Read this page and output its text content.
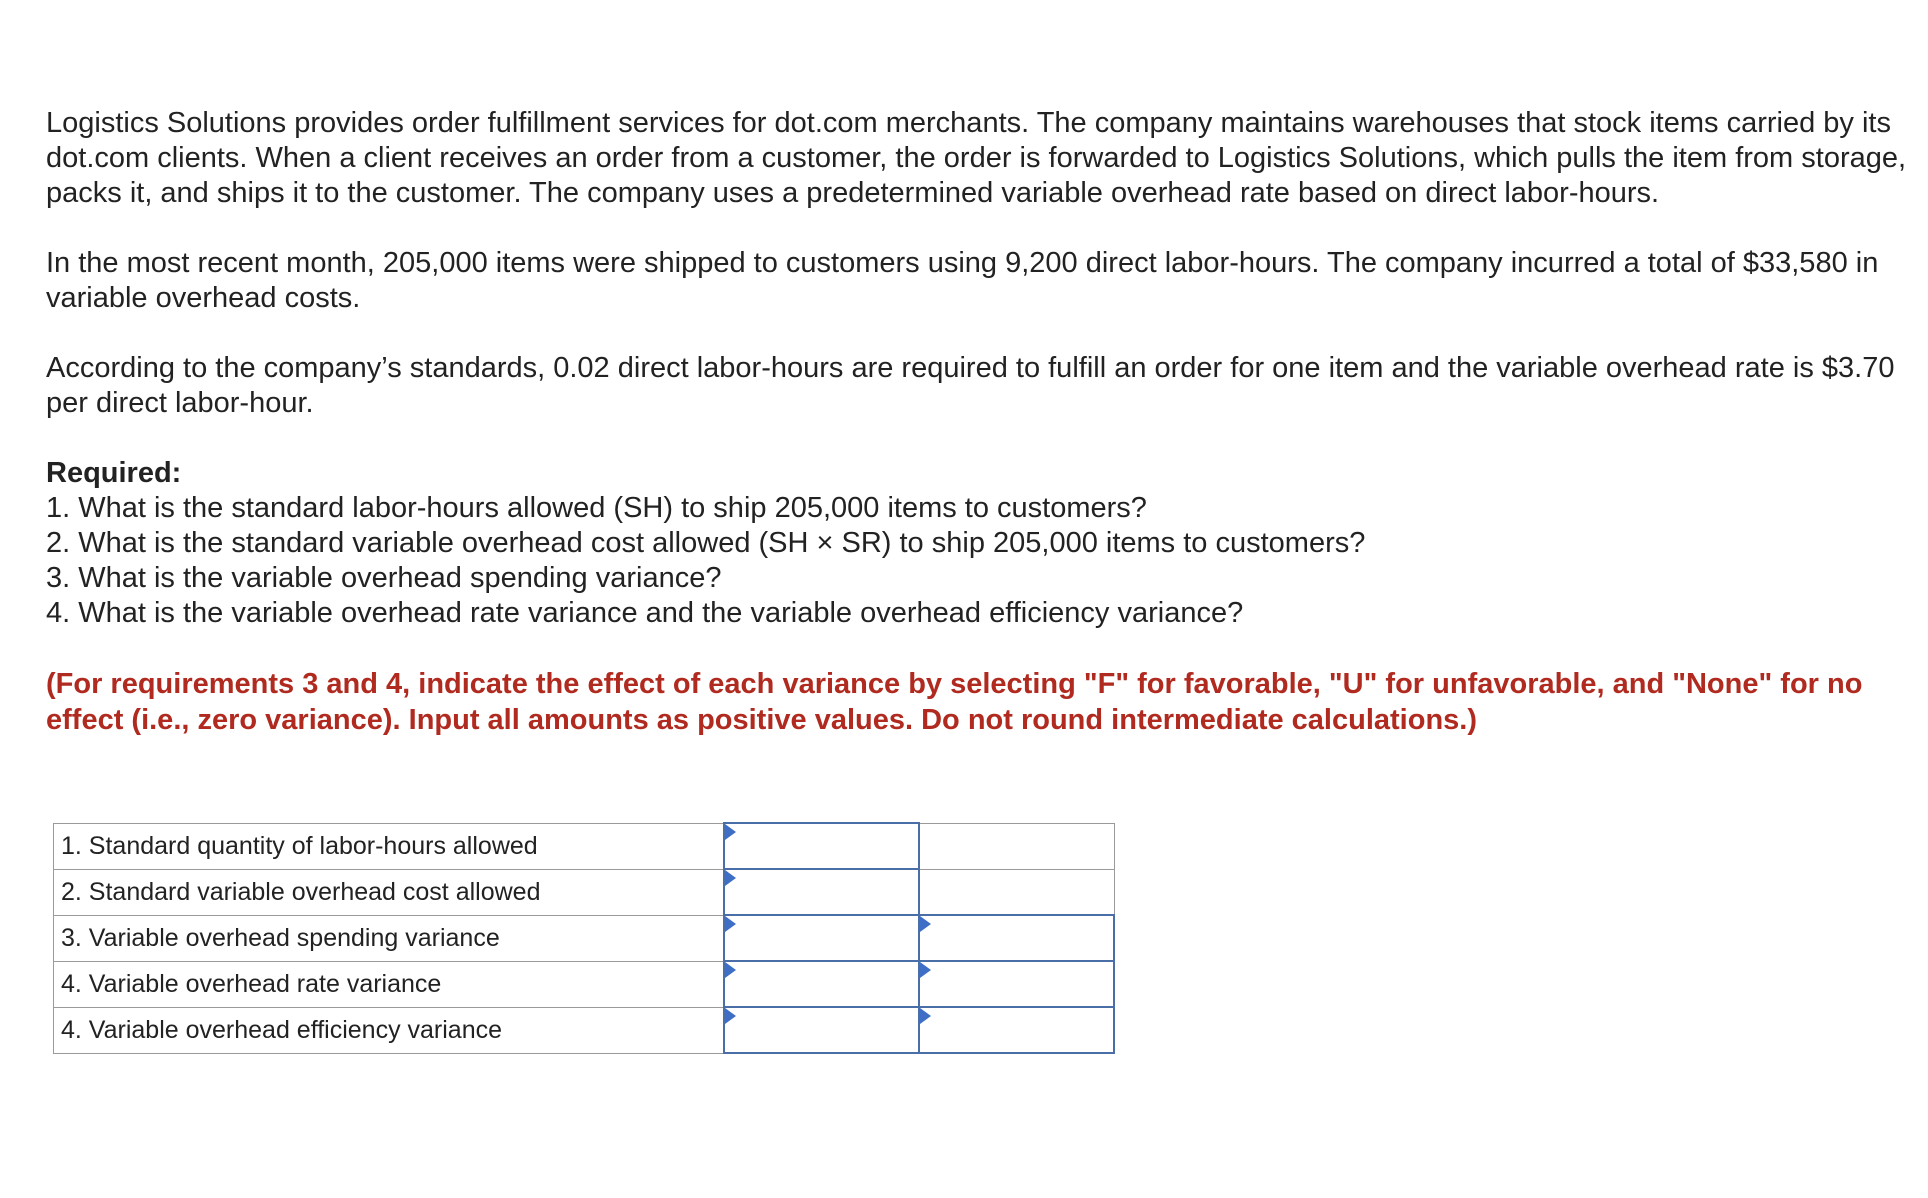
Logistics Solutions provides order fulfillment services for dot.com merchants. The company maintains warehouses that stock items carried by its dot.com clients. When a client receives an order from a customer, the order is forwarded to Logistics Solutions, which pulls the item from storage, packs it, and ships it to the customer. The company uses a predetermined variable overhead rate based on direct labor-hours.

In the most recent month, 205,000 items were shipped to customers using 9,200 direct labor-hours. The company incurred a total of $33,580 in variable overhead costs.

According to the company’s standards, 0.02 direct labor-hours are required to fulfill an order for one item and the variable overhead rate is $3.70 per direct labor-hour.

Required:

1. What is the standard labor-hours allowed (SH) to ship 205,000 items to customers?
2. What is the standard variable overhead cost allowed (SH × SR) to ship 205,000 items to customers?
3. What is the variable overhead spending variance?
4. What is the variable overhead rate variance and the variable overhead efficiency variance?

(For requirements 3 and 4, indicate the effect of each variance by selecting "F" for favorable, "U" for unfavorable, and "None" for no effect (i.e., zero variance). Input all amounts as positive values. Do not round intermediate calculations.)

1. Standard quantity of labor-hours allowed	

2. Standard variable overhead cost allowed	

3. Variable overhead spending variance	

4. Variable overhead rate variance	

4. Variable overhead efficiency variance	
